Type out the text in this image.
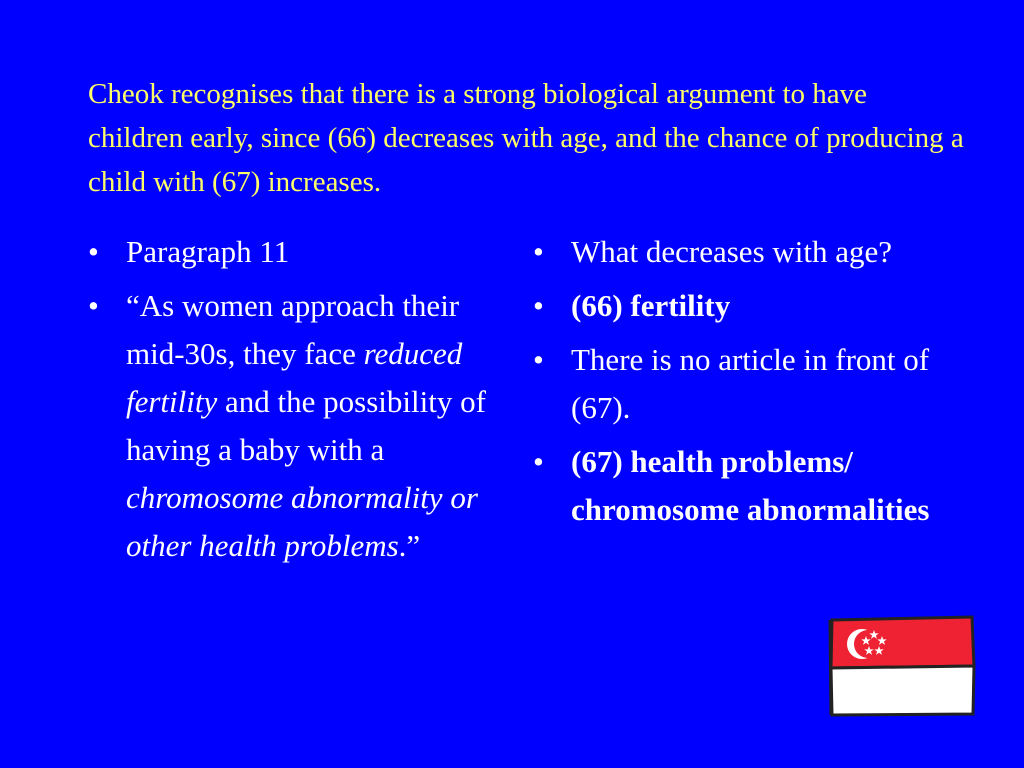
Cheok recognises that there is a strong biological argument to have children early, since (66) decreases with age, and the chance of producing a child with (67) increases.
• Paragraph 11
• “As women approach their mid-30s, they face reduced fertility and the possibility of having a baby with a chromosome abnormality or other health problems.”
• What decreases with age?
• (66) fertility
• There is no article in front of (67).
• (67) health problems/ chromosome abnormalities
